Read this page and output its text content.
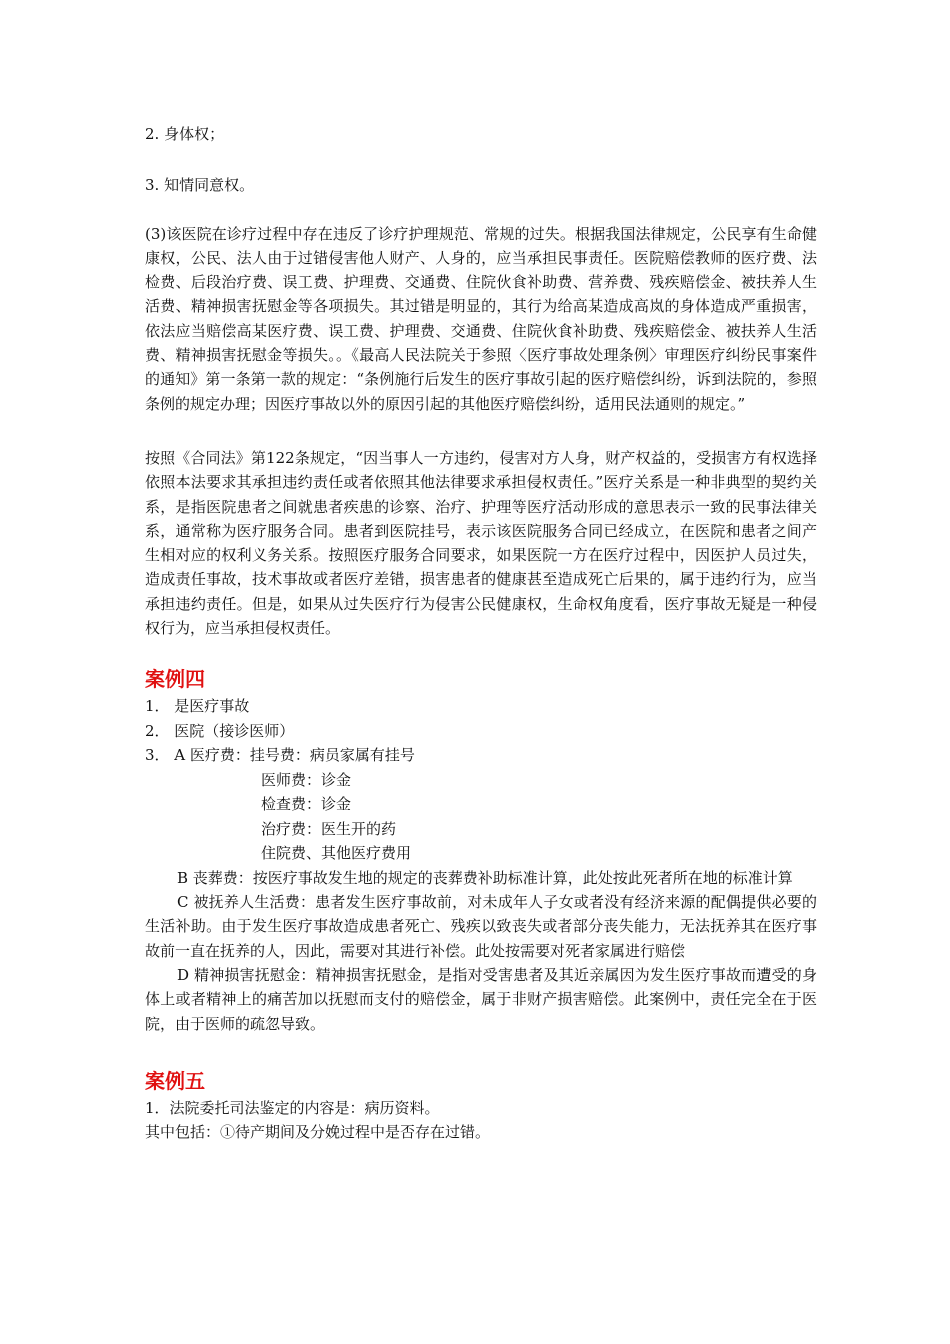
2. 身体权；

3. 知情同意权。

(3)该医院在诊疗过程中存在违反了诊疗护理规范、常规的过失。根据我国法律规定，公民享有生命健康权，公民、法人由于过错侵害他人财产、人身的，应当承担民事责任。医院赔偿教师的医疗费、法检费、后段治疗费、误工费、护理费、交通费、住院伙食补助费、营养费、残疾赔偿金、被扶养人生活费、精神损害抚慰金等各项损失。其过错是明显的，其行为给高某造成高岚的身体造成严重损害，依法应当赔偿高某医疗费、误工费、护理费、交通费、住院伙食补助费、残疾赔偿金、被扶养人生活费、精神损害抚慰金等损失。。《最高人民法院关于参照〈医疗事故处理条例〉审理医疗纠纷民事案件的通知》第一条第一款的规定：“条例施行后发生的医疗事故引起的医疗赔偿纠纷，诉到法院的，参照条例的规定办理；因医疗事故以外的原因引起的其他医疗赔偿纠纷，适用民法通则的规定。”

按照《合同法》第122条规定，“因当事人一方违约，侵害对方人身，财产权益的，受损害方有权选择依照本法要求其承担违约责任或者依照其他法律要求承担侵权责任。”医疗关系是一种非典型的契约关系，是指医院患者之间就患者疾患的诊察、治疗、护理等医疗活动形成的意思表示一致的民事法律关系，通常称为医疗服务合同。患者到医院挂号，表示该医院服务合同已经成立，在医院和患者之间产生相对应的权利义务关系。按照医疗服务合同要求，如果医院一方在医疗过程中，因医护人员过失，造成责任事故，技术事故或者医疗差错，损害患者的健康甚至造成死亡后果的，属于违约行为，应当承担违约责任。但是，如果从过失医疗行为侵害公民健康权，生命权角度看，医疗事故无疑是一种侵权行为，应当承担侵权责任。

案例四

1． 是医疗事故

2． 医院（接诊医师）

3． A 医疗费：挂号费：病员家属有挂号

医师费：诊金

检查费：诊金

治疗费：医生开的药

住院费、其他医疗费用

B 丧葬费：按医疗事故发生地的规定的丧葬费补助标准计算，此处按此死者所在地的标准计算

C 被抚养人生活费：患者发生医疗事故前，对未成年人子女或者没有经济来源的配偶提供必要的生活补助。由于发生医疗事故造成患者死亡、残疾以致丧失或者部分丧失能力，无法抚养其在医疗事故前一直在抚养的人，因此，需要对其进行补偿。此处按需要对死者家属进行赔偿

D 精神损害抚慰金：精神损害抚慰金，是指对受害患者及其近亲属因为发生医疗事故而遭受的身体上或者精神上的痛苦加以抚慰而支付的赔偿金，属于非财产损害赔偿。此案例中，责任完全在于医院，由于医师的疏忽导致。

案例五

1．法院委托司法鉴定的内容是：病历资料。

其中包括：①待产期间及分娩过程中是否存在过错。
